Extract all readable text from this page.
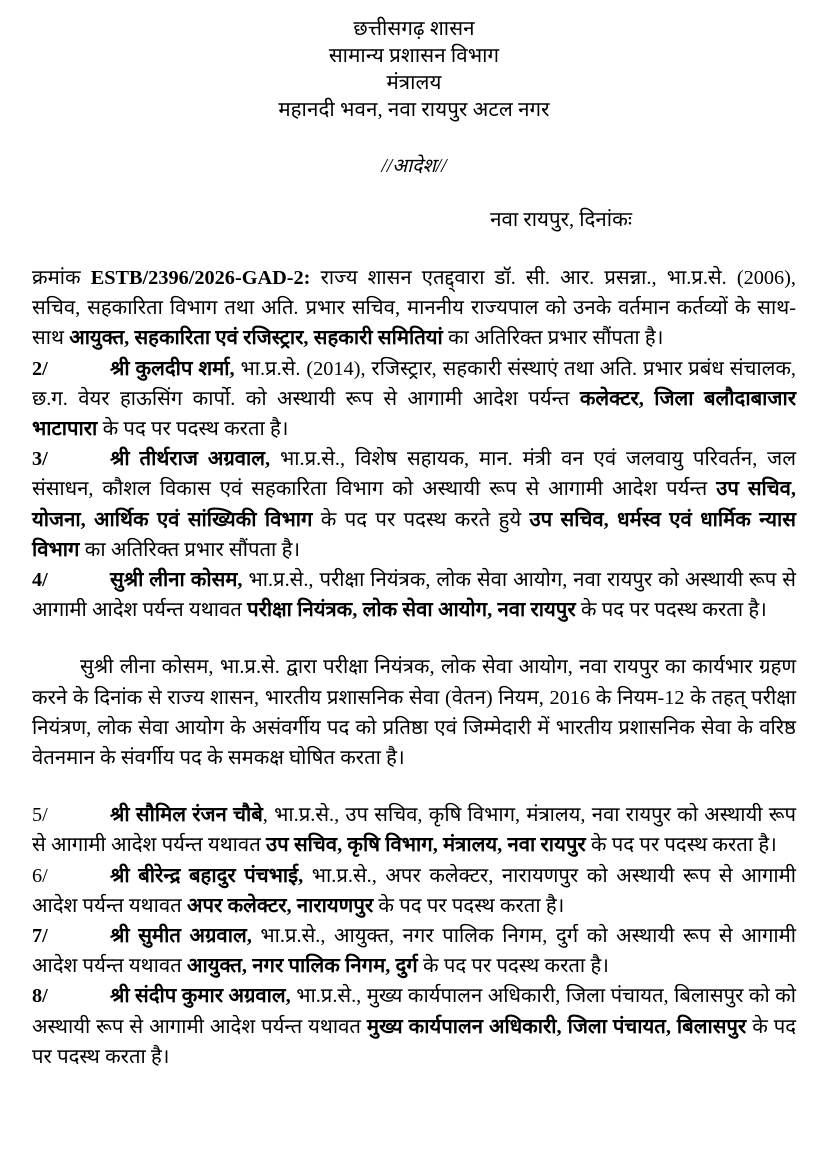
छत्तीसगढ़ शासन
सामान्य प्रशासन विभाग
मंत्रालय
महानदी भवन, नवा रायपुर अटल नगर
//आदेश//
नवा रायपुर, दिनांकः

क्रमांक ESTB/2396/2026-GAD-2: राज्य शासन एतद्द्वारा डॉ. सी. आर. प्रसन्ना., भा.प्र.से. (2006), सचिव, सहकारिता विभाग तथा अति. प्रभार सचिव, माननीय राज्यपाल को उनके वर्तमान कर्तव्यों के साथ-साथ आयुक्त, सहकारिता एवं रजिस्ट्रार, सहकारी समितियां का अतिरिक्त प्रभार सौंपता है।

2/	श्री कुलदीप शर्मा, भा.प्र.से. (2014), रजिस्ट्रार, सहकारी संस्थाएं तथा अति. प्रभार प्रबंध संचालक, छ.ग. वेयर हाऊसिंग कार्पो. को अस्थायी रूप से आगामी आदेश पर्यन्त कलेक्टर, जिला बलौदाबाजार भाटापारा के पद पर पदस्थ करता है।

3/	श्री तीर्थराज अग्रवाल, भा.प्र.से., विशेष सहायक, मान. मंत्री वन एवं जलवायु परिवर्तन, जल संसाधन, कौशल विकास एवं सहकारिता विभाग को अस्थायी रूप से आगामी आदेश पर्यन्त उप सचिव, योजना, आर्थिक एवं सांख्यिकी विभाग के पद पर पदस्थ करते हुये उप सचिव, धर्मस्व एवं धार्मिक न्यास विभाग का अतिरिक्त प्रभार सौंपता है।

4/	सुश्री लीना कोसम, भा.प्र.से., परीक्षा नियंत्रक, लोक सेवा आयोग, नवा रायपुर को अस्थायी रूप से आगामी आदेश पर्यन्त यथावत परीक्षा नियंत्रक, लोक सेवा आयोग, नवा रायपुर के पद पर पदस्थ करता है।

सुश्री लीना कोसम, भा.प्र.से. द्वारा परीक्षा नियंत्रक, लोक सेवा आयोग, नवा रायपुर का कार्यभार ग्रहण करने के दिनांक से राज्य शासन, भारतीय प्रशासनिक सेवा (वेतन) नियम, 2016 के नियम-12 के तहत् परीक्षा नियंत्रण, लोक सेवा आयोग के असंवर्गीय पद को प्रतिष्ठा एवं जिम्मेदारी में भारतीय प्रशासनिक सेवा के वरिष्ठ वेतनमान के संवर्गीय पद के समकक्ष घोषित करता है।

5/	श्री सौमिल रंजन चौबे, भा.प्र.से., उप सचिव, कृषि विभाग, मंत्रालय, नवा रायपुर को अस्थायी रूप से आगामी आदेश पर्यन्त यथावत उप सचिव, कृषि विभाग, मंत्रालय, नवा रायपुर के पद पर पदस्थ करता है।

6/	श्री बीरेन्द्र बहादुर पंचभाई, भा.प्र.से., अपर कलेक्टर, नारायणपुर को अस्थायी रूप से आगामी आदेश पर्यन्त यथावत अपर कलेक्टर, नारायणपुर के पद पर पदस्थ करता है।

7/	श्री सुमीत अग्रवाल, भा.प्र.से., आयुक्त, नगर पालिक निगम, दुर्ग को अस्थायी रूप से आगामी आदेश पर्यन्त यथावत आयुक्त, नगर पालिक निगम, दुर्ग के पद पर पदस्थ करता है।

8/	श्री संदीप कुमार अग्रवाल, भा.प्र.से., मुख्य कार्यपालन अधिकारी, जिला पंचायत, बिलासपुर को को अस्थायी रूप से आगामी आदेश पर्यन्त यथावत मुख्य कार्यपालन अधिकारी, जिला पंचायत, बिलासपुर के पद पर पदस्थ करता है।
